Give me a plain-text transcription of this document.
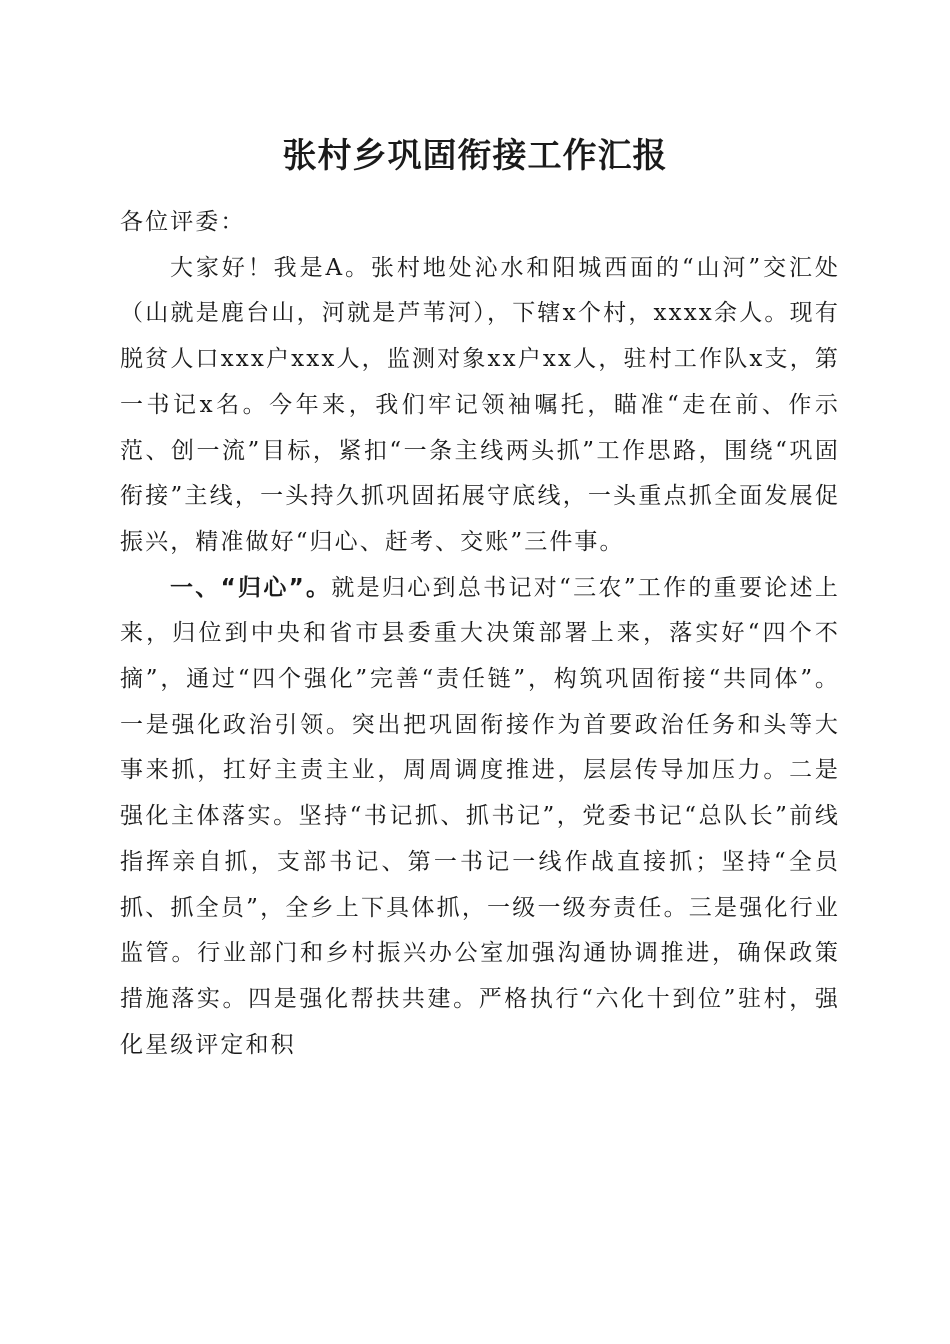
张村乡巩固衔接工作汇报

各位评委：

大家好！我是A。张村地处沁水和阳城西面的“山河”交汇处（山就是鹿台山，河就是芦苇河），下辖x个村，xxxx余人。现有脱贫人口xxx户xxx人，监测对象xx户xx人，驻村工作队x支，第一书记x名。今年来，我们牢记领袖嘱托，瞄准“走在前、作示范、创一流”目标，紧扣“一条主线两头抓”工作思路，围绕“巩固衔接”主线，一头持久抓巩固拓展守底线，一头重点抓全面发展促振兴，精准做好“归心、赶考、交账”三件事。

一、“归心”。就是归心到总书记对“三农”工作的重要论述上来，归位到中央和省市县委重大决策部署上来，落实好“四个不摘”，通过“四个强化”完善“责任链”，构筑巩固衔接“共同体”。一是强化政治引领。突出把巩固衔接作为首要政治任务和头等大事来抓，扛好主责主业，周周调度推进，层层传导加压力。二是强化主体落实。坚持“书记抓、抓书记”，党委书记“总队长”前线指挥亲自抓，支部书记、第一书记一线作战直接抓；坚持“全员抓、抓全员”，全乡上下具体抓，一级一级夯责任。三是强化行业监管。行业部门和乡村振兴办公室加强沟通协调推进，确保政策措施落实。四是强化帮扶共建。严格执行“六化十到位”驻村，强化星级评定和积
